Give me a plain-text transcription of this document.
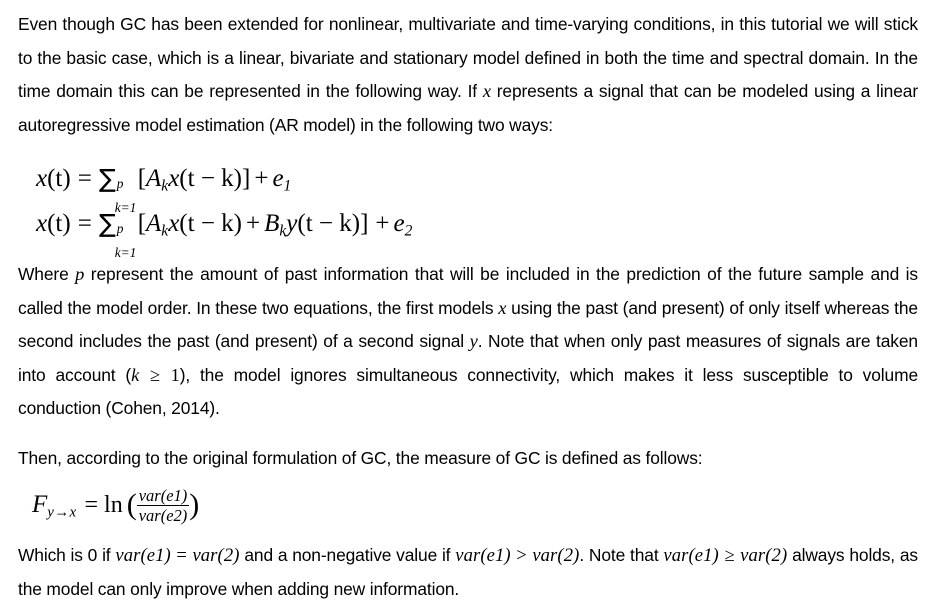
Even though GC has been extended for nonlinear, multivariate and time-varying conditions, in this tutorial we will stick to the basic case, which is a linear, bivariate and stationary model defined in both the time and spectral domain. In the time domain this can be represented in the following way. If x represents a signal that can be modeled using a linear autoregressive model estimation (AR model) in the following two ways:

x(t) = ∑ p
k=1
$[A_kx(t - k)] + e_1$
x(t) = ∑ p
k=1
$[A_kx(t - k) + B_ky(t - k)] + e_2$

Where p represent the amount of past information that will be included in the prediction of the future sample and is called the model order. In these two equations, the first models x using the past (and present) of only itself whereas the second includes the past (and present) of a second signal y. Note that when only past measures of signals are taken into account (k ≥ 1), the model ignores simultaneous connectivity, which makes it less susceptible to volume conduction (Cohen, 2014).

Then, according to the original formulation of GC, the measure of GC is defined as follows:

$F_{y\to x} = \ln$ ( $\frac{\text{var(e1)}}{\text{var(e2)}}$ )

Which is 0 if var(e1) = var(2) and a non-negative value if var(e1) > var(2). Note that var(e1) ≥ var(2) always holds, as the model can only improve when adding new information.
